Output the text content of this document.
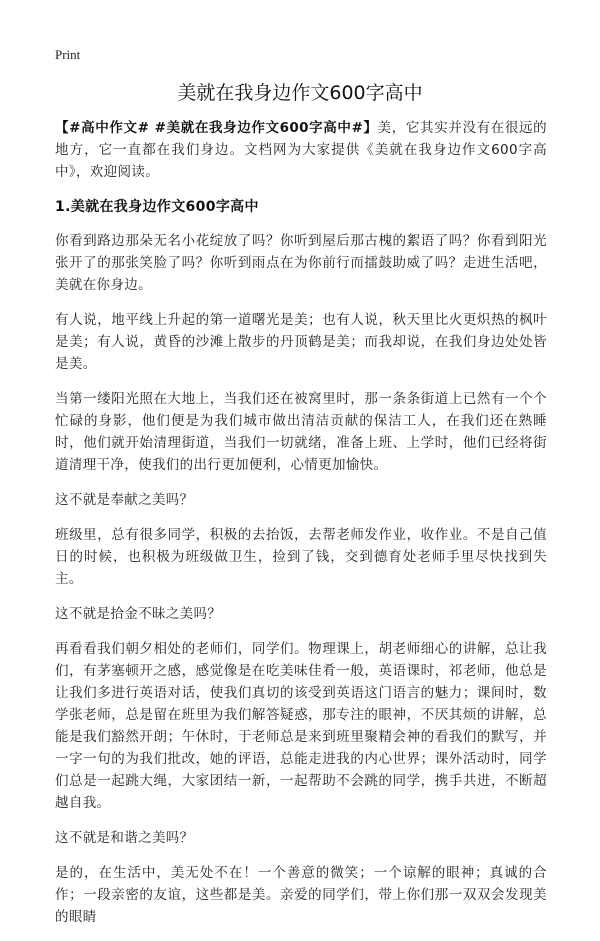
Print
美就在我身边作文600字高中

【#高中作文# #美就在我身边作文600字高中#】美，它其实并没有在很远的地方，它一直都在我们身边。文档网为大家提供《美就在我身边作文600字高中》，欢迎阅读。

1.美就在我身边作文600字高中

你看到路边那朵无名小花绽放了吗？你听到屋后那古槐的絮语了吗？你看到阳光张开了的那张笑脸了吗？你听到雨点在为你前行而擂鼓助威了吗？走进生活吧，美就在你身边。

有人说，地平线上升起的第一道曙光是美；也有人说，秋天里比火更炽热的枫叶是美；有人说，黄昏的沙滩上散步的丹顶鹤是美；而我却说，在我们身边处处皆是美。

当第一缕阳光照在大地上，当我们还在被窝里时，那一条条街道上已然有一个个忙碌的身影，他们便是为我们城市做出清洁贡献的保洁工人，在我们还在熟睡时，他们就开始清理街道，当我们一切就绪，准备上班、上学时，他们已经将街道清理干净，使我们的出行更加便利，心情更加愉快。

这不就是奉献之美吗？

班级里，总有很多同学，积极的去抬饭，去帮老师发作业，收作业。不是自己值日的时候，也积极为班级做卫生，捡到了钱，交到德育处老师手里尽快找到失主。

这不就是拾金不昧之美吗？

再看看我们朝夕相处的老师们，同学们。物理课上，胡老师细心的讲解，总让我们，有茅塞顿开之感，感觉像是在吃美味佳肴一般，英语课时，祁老师，他总是让我们多进行英语对话，使我们真切的该受到英语这门语言的魅力；课间时，数学张老师，总是留在班里为我们解答疑惑，那专注的眼神，不厌其烦的讲解，总能是我们豁然开朗；午休时，于老师总是来到班里聚精会神的看我们的默写，并一字一句的为我们批改，她的评语，总能走进我的内心世界；课外活动时，同学们总是一起跳大绳，大家团结一新，一起帮助不会跳的同学，携手共进，不断超越自我。

这不就是和谐之美吗？

是的，在生活中，美无处不在！一个善意的微笑；一个谅解的眼神；真诚的合作；一段亲密的友谊，这些都是美。亲爱的同学们，带上你们那一双双会发现美的眼睛
